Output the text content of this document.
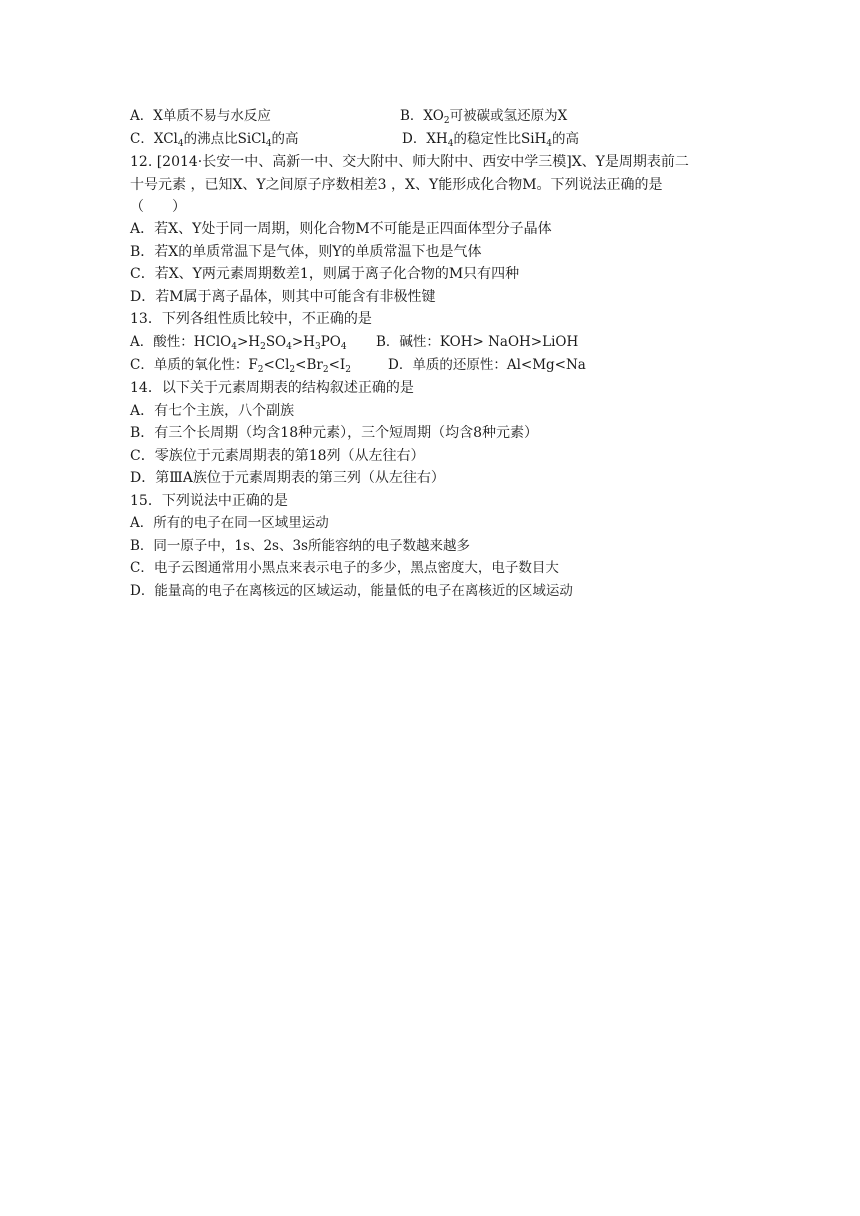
A．X单质不易与水反应	B．$XO_2$可被碳或氢还原为X
C．XCl$_4$的沸点比SiCl$_4$的高	D．$XH_4$的稳定性比SiH$_4$的高
12. [2014·长安一中、高新一中、交大附中、师大附中、西安中学三模]X、Y是周期表前二
十号元素 ，已知X、Y之间原子序数相差3 ，X、Y能形成化合物M。下列说法正确的是
（　　）
A．若X、Y处于同一周期，则化合物M不可能是正四面体型分子晶体
B．若X的单质常温下是气体，则Y的单质常温下也是气体
C．若X、Y两元素周期数差1，则属于离子化合物的M只有四种
D．若M属于离子晶体，则其中可能含有非极性键
13．下列各组性质比较中，不正确的是
A．酸性：$HClO_4>H_2SO_4>H_3PO_4$ B．碱性：KOH> NaOH>LiOH
C．单质的氧化性：$F_2<Cl_2<Br_2<I_2$	D．单质的还原性：Al<Mg<Na
14．以下关于元素周期表的结构叙述正确的是
A．有七个主族，八个副族
B．有三个长周期（均含18种元素），三个短周期（均含8种元素）
C．零族位于元素周期表的第18列（从左往右）
D．第ⅢA族位于元素周期表的第三列（从左往右）
15．下列说法中正确的是
A．所有的电子在同一区域里运动
B．同一原子中，1s、2s、3s所能容纳的电子数越来越多
C．电子云图通常用小黑点来表示电子的多少，黑点密度大，电子数目大
D．能量高的电子在离核远的区域运动，能量低的电子在离核近的区域运动
